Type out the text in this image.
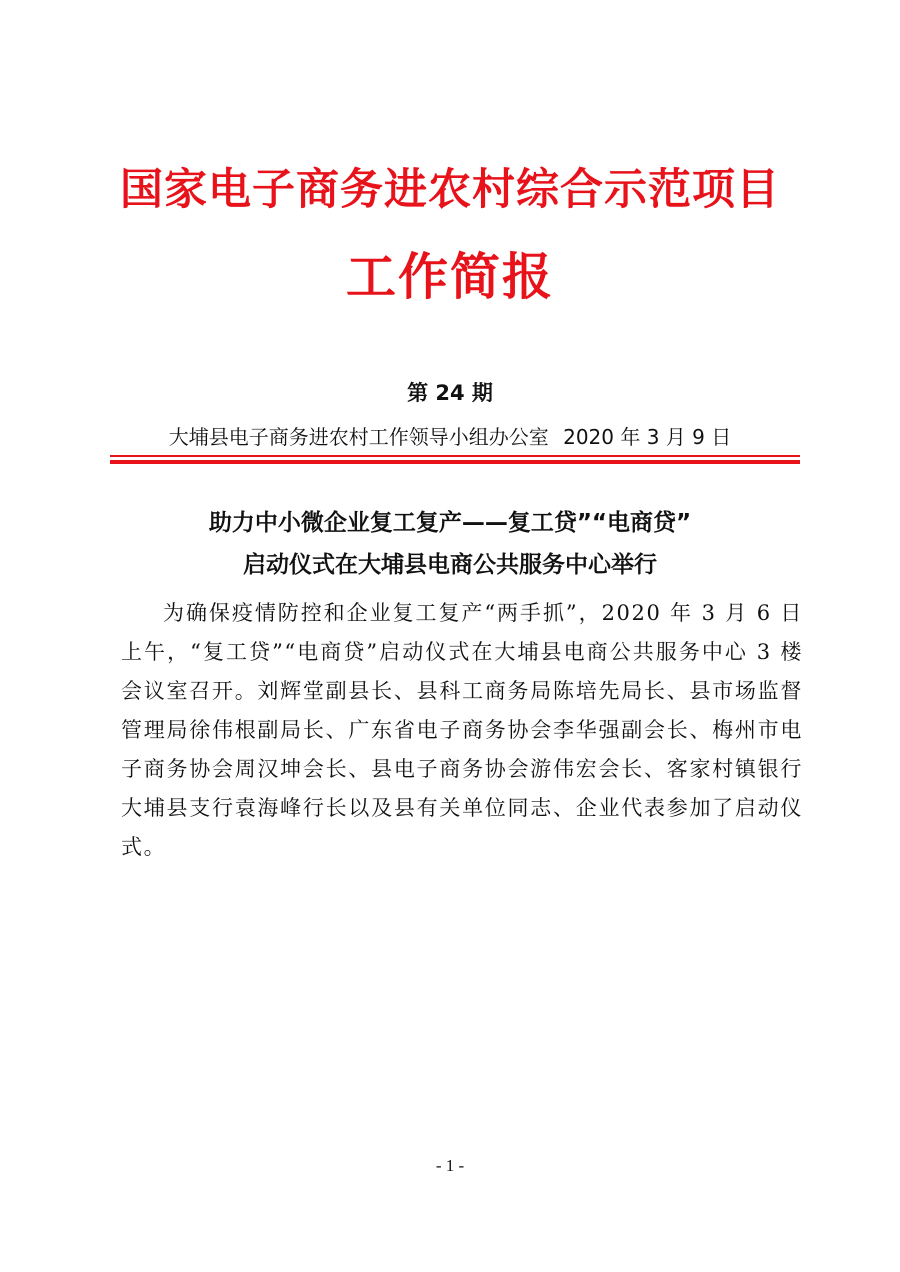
国家电子商务进农村综合示范项目
工作简报
第 24 期
大埔县电子商务进农村工作领导小组办公室 2020 年 3 月 9 日
助力中小微企业复工复产——复工贷”“电商贷”
启动仪式在大埔县电商公共服务中心举行
为确保疫情防控和企业复工复产“两手抓”，2020 年 3 月 6 日上午，“复工贷”“电商贷”启动仪式在大埔县电商公共服务中心 3 楼会议室召开。刘辉堂副县长、县科工商务局陈培先局长、县市场监督管理局徐伟根副局长、广东省电子商务协会李华强副会长、梅州市电子商务协会周汉坤会长、县电子商务协会游伟宏会长、客家村镇银行大埔县支行袁海峰行长以及县有关单位同志、企业代表参加了启动仪式。
- 1 -
